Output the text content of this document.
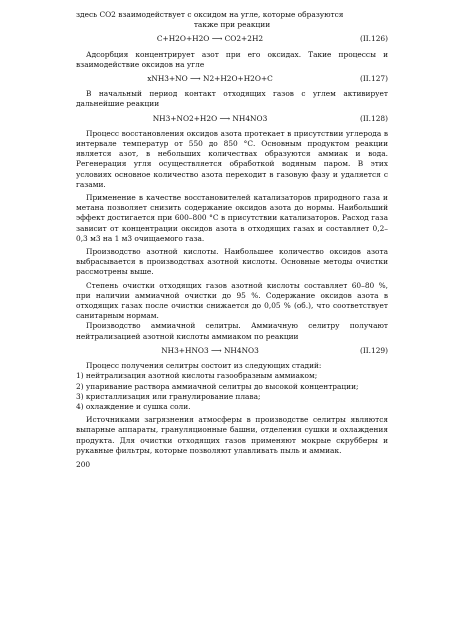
здесь СО2 взаимодействует с оксидом на угле, которые образуются

также при реакции

C+H2O+H2O ⟶ CO2+2H2	(II.126)

Адсорбция концентрирует азот при его оксидах. Такие процессы и взаимодействие оксидов на угле

xNH3+NO ⟶ N2+H2O+H2O+C	(II.127)

В начальный период контакт отходящих газов с углем активирует дальнейшие реакции

NH3+NO2+H2O ⟶ NH4NO3	(II.128)

Процесс восстановления оксидов азота протекает в присутствии углерода в интервале температур от 550 до 850 °С. Основным продуктом реакции является азот, в небольших количествах образуются аммиак и вода. Регенерация угля осуществляется обработкой водяным паром. В этих условиях основное количество азота переходит в газовую фазу и удаляется с газами.

Применение в качестве восстановителей катализаторов природного газа и метана позволяет снизить содержание оксидов азота до нормы. Наибольший эффект достигается при 600–800 °С в присутствии катализаторов. Расход газа зависит от концентрации оксидов азота в отходящих газах и составляет 0,2–0,3 м3 на 1 м3 очищаемого газа.

Производство азотной кислоты. Наибольшее количество оксидов азота выбрасывается в производствах азотной кислоты. Основные методы очистки рассмотрены выше.

Степень очистки отходящих газов азотной кислоты составляет 60–80 %, при наличии аммиачной очистки до 95 %. Содержание оксидов азота в отходящих газах после очистки снижается до 0,05 % (об.), что соответствует санитарным нормам.

Производство аммиачной селитры. Аммиачную селитру получают нейтрализацией азотной кислоты аммиаком по реакции

NH3+HNO3 ⟶ NH4NO3	(II.129)

Процесс получения селитры состоит из следующих стадий:

1) нейтрализация азотной кислоты газообразным аммиаком;

2) упаривание раствора аммиачной селитры до высокой концентрации;

3) кристаллизация или гранулирование плава;

4) охлаждение и сушка соли.

Источниками загрязнения атмосферы в производстве селитры являются выпарные аппараты, грануляционные башни, отделения сушки и охлаждения продукта. Для очистки отходящих газов применяют мокрые скрубберы и рукавные фильтры, которые позволяют улавливать пыль и аммиак.

200
